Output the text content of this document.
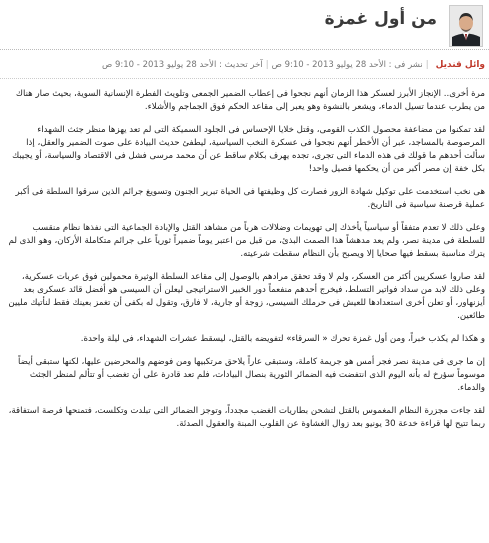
من أول غمزة
وائل قنديل|نشر فى : الأحد 28 يوليو 2013 - 9:10 ص|آخر تحديث : الأحد 28 يوليو 2013 - 9:10 ص

مرة أخرى.. الإنجاز الأبرز لعسكر هذا الزمان أنهم نجحوا فى إعطاب الضمير الجمعى وتلويث الفطرة الإنسانية السوية، بحيث صار هناك من يطرب عندما تسيل الدماء، ويشعر بالنشوة وهو يعبر إلى مقاعد الحكم فوق الجماجم والأشلاء.

لقد تمكنوا من مضاعفة محصول الكذب القومى، وقتل خلايا الإحساس فى الجلود السميكة التى لم تعد يهزها منظر جثث الشهداء المرصوصة بالمساجد، عبر أن الأخطر أنهم نجحوا فى عسكرة النخب السياسية، ليطفئ حديث البيادة على صوت الضمير والعقل، إذا سألت أحدهم ما قولك فى هذه الدماء التى تجرى، تجده يهرف بكلام ساقط عن أن محمد مرسى فشل فى الاقتصاد والسياسة، أو يجيبك بكل خفة إن مصر أكبر من أن يحكمها فصيل واحد!

هى نخب استخدمت على توكيل شهادة الزور فصارت كل وظيفتها فى الحياة تبرير الجنون وتسويغ جرائم الذين سرقوا السلطة فى أكبر عملية قرصنة سياسية فى التاريخ.

وعلى ذلك لا تعدم متفقاً أو سياسياً يأخذك إلى تهويمات وضلالات هرباً من مشاهد القتل والإبادة الجماعية التى نفذها نظام منقسب للسلطة فى مدينة نصر، ولم يعد مدهشاً هذا الصمت البذئ، من قبل من اعتبر يوماً ضميراً ثورياً على جرائم متكاملة الأركان، وهو الذى لم يترك مناسبة بسقط فيها صحايا إلا ويصبح بأن النظام سقطت شرعيته.

لقد صاروا عسكريين أكثر من العسكر، ولم لا وقد تحقق مرادهم بالوصول إلى مقاعد السلطة الوثيرة محمولين فوق عربات عسكرية، وعلى ذلك لابد من سداد فواتير التسلط، فيخرج أحدهم منفعماً دور الخبير الاستراتيجى ليعلن أن السيسى هو أفضل قائد عسكرى بعد أيزنهاور، أو تعلن أخرى استعدادها للعيش فى حرملك السيسى، زوجة أو جارية، لا فارق، وتقول له بكفى أن تغمز بعينك فقط لنأتيك مليين طائعين.

و هكذا لم يكذب خبراً، ومن أول غمزة تحرك « السرقاء» لتفويضه بالقتل، ليسقط عشرات الشهداء، فى ليلة واحدة.

إن ما جرى فى مدينة نصر فجر أمس هو جريمة كاملة، وستبقى عاراً يلاحق مرتكبيها ومن فوضهم والمحرضين عليها، لكنها ستبقى أيضاً موسوماً سؤرخ له بأنه اليوم الذى انتفضت فيه الضمائر الثورية بنصال البيادات، فلم تعد قادرة على أن تغضب أو تتألم لمنظر الجثث والدماء.

لقد جاءت مجزرة النظام المغموس بالقتل لتشحن بطاريات الغضب مجدداً، وتوجز الضمائر التى تبلدت وتكلست، فتمنحها فرصة استفاقة، ربما تتيح لها قراءة خدعة 30 يونيو بعد زوال الغشاوة عن القلوب المبنة والعقول الصدئة.
